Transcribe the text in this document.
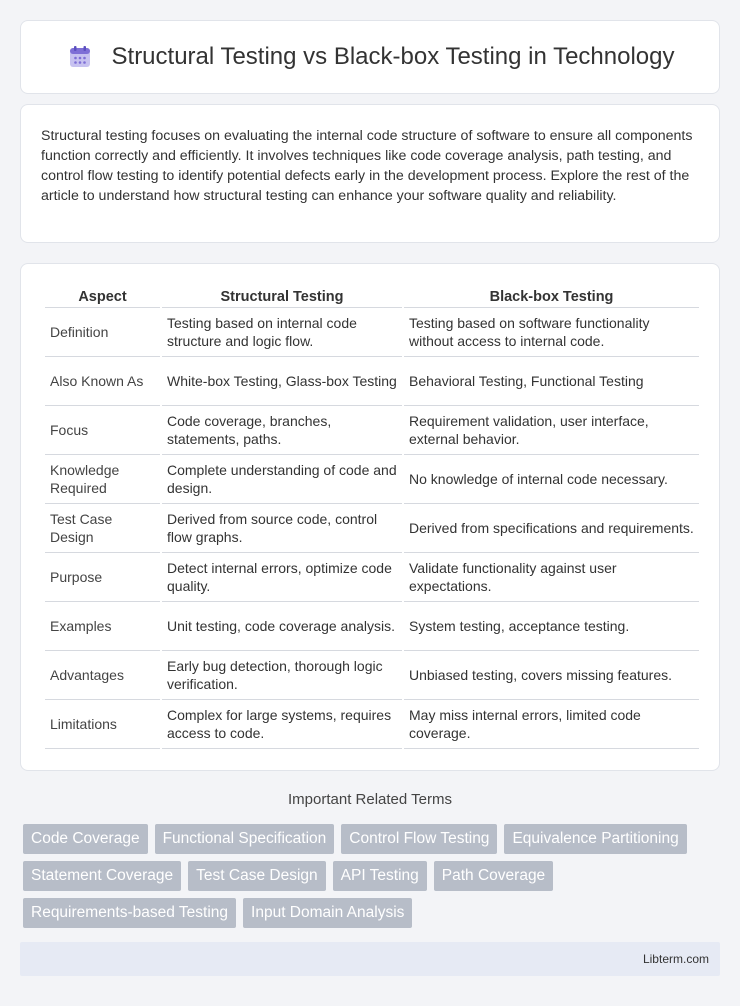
Structural Testing vs Black-box Testing in Technology

Structural testing focuses on evaluating the internal code structure of software to ensure all components function correctly and efficiently. It involves techniques like code coverage analysis, path testing, and control flow testing to identify potential defects early in the development process. Explore the rest of the article to understand how structural testing can enhance your software quality and reliability.

Aspect	Structural Testing	Black-box Testing
Definition	Testing based on internal code structure and logic flow.	Testing based on software functionality without access to internal code.
Also Known As	White-box Testing, Glass-box Testing	Behavioral Testing, Functional Testing
Focus	Code coverage, branches, statements, paths.	Requirement validation, user interface, external behavior.
Knowledge Required	Complete understanding of code and design.	No knowledge of internal code necessary.
Test Case Design	Derived from source code, control flow graphs.	Derived from specifications and requirements.
Purpose	Detect internal errors, optimize code quality.	Validate functionality against user expectations.
Examples	Unit testing, code coverage analysis.	System testing, acceptance testing.
Advantages	Early bug detection, thorough logic verification.	Unbiased testing, covers missing features.
Limitations	Complex for large systems, requires access to code.	May miss internal errors, limited code coverage.
Important Related Terms
Code Coverage	Functional Specification	Control Flow Testing	Equivalence Partitioning
Statement Coverage	Test Case Design	API Testing	Path Coverage
Requirements-based Testing	Input Domain Analysis
Libterm.com
